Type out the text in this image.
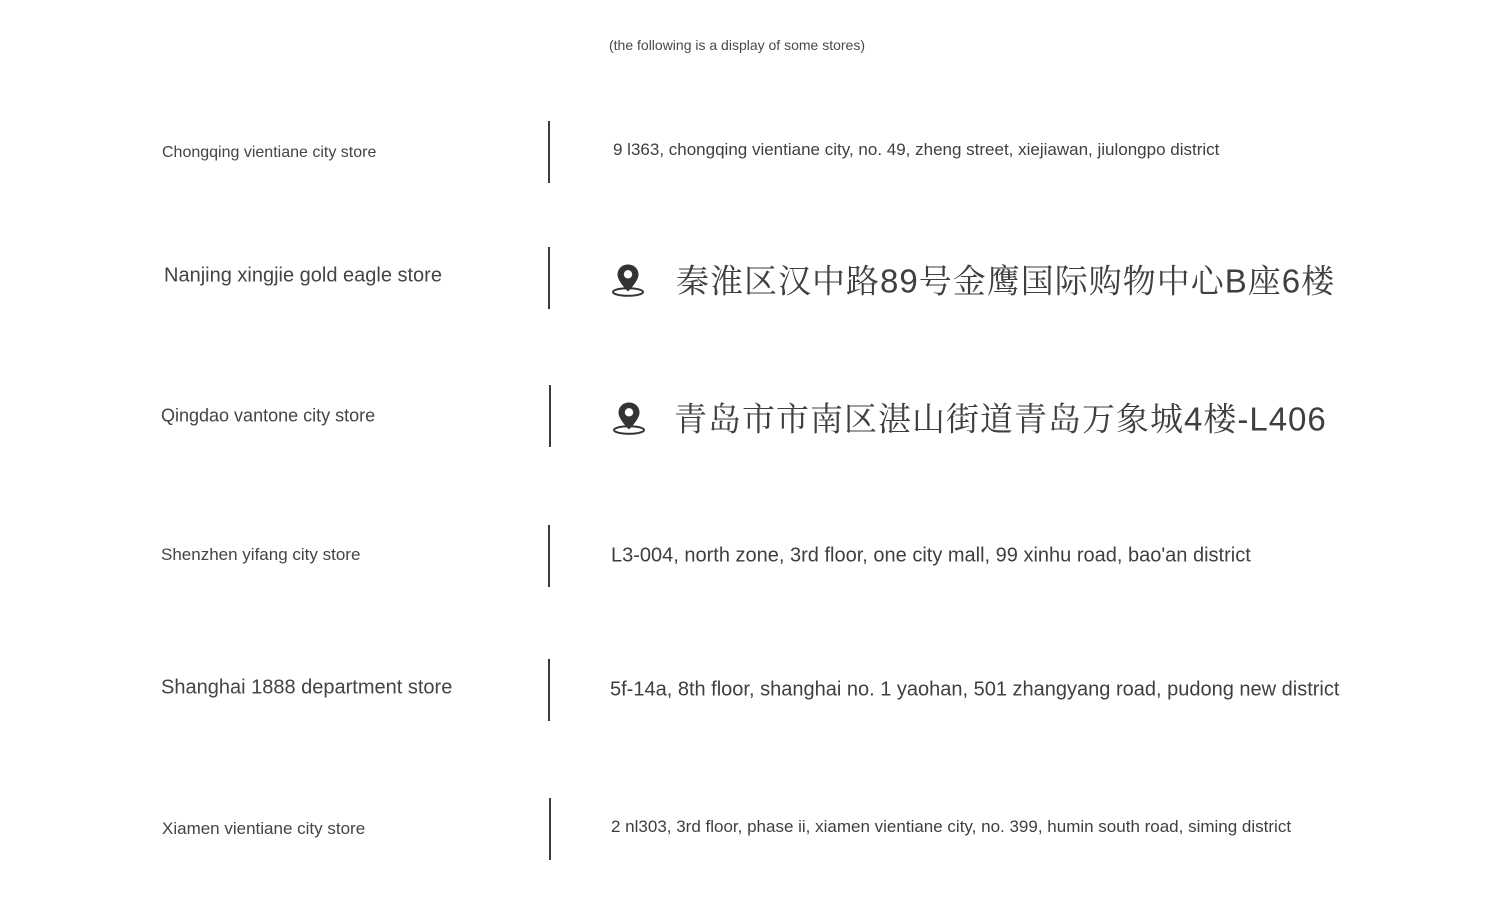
(the following is a display of some stores)
Chongqing vientiane city store	9 l363, chongqing vientiane city, no. 49, zheng street, xiejiawan, jiulongpo district
Nanjing xingjie gold eagle store	秦淮区汉中路89号金鹰国际购物中心B座6楼
Qingdao vantone city store	青岛市市南区湛山街道青岛万象城4楼-L406
Shenzhen yifang city store	L3-004, north zone, 3rd floor, one city mall, 99 xinhu road, bao'an district
Shanghai 1888 department store	5f-14a, 8th floor, shanghai no. 1 yaohan, 501 zhangyang road, pudong new district
Xiamen vientiane city store	2 nl303, 3rd floor, phase ii, xiamen vientiane city, no. 399, humin south road, siming district
